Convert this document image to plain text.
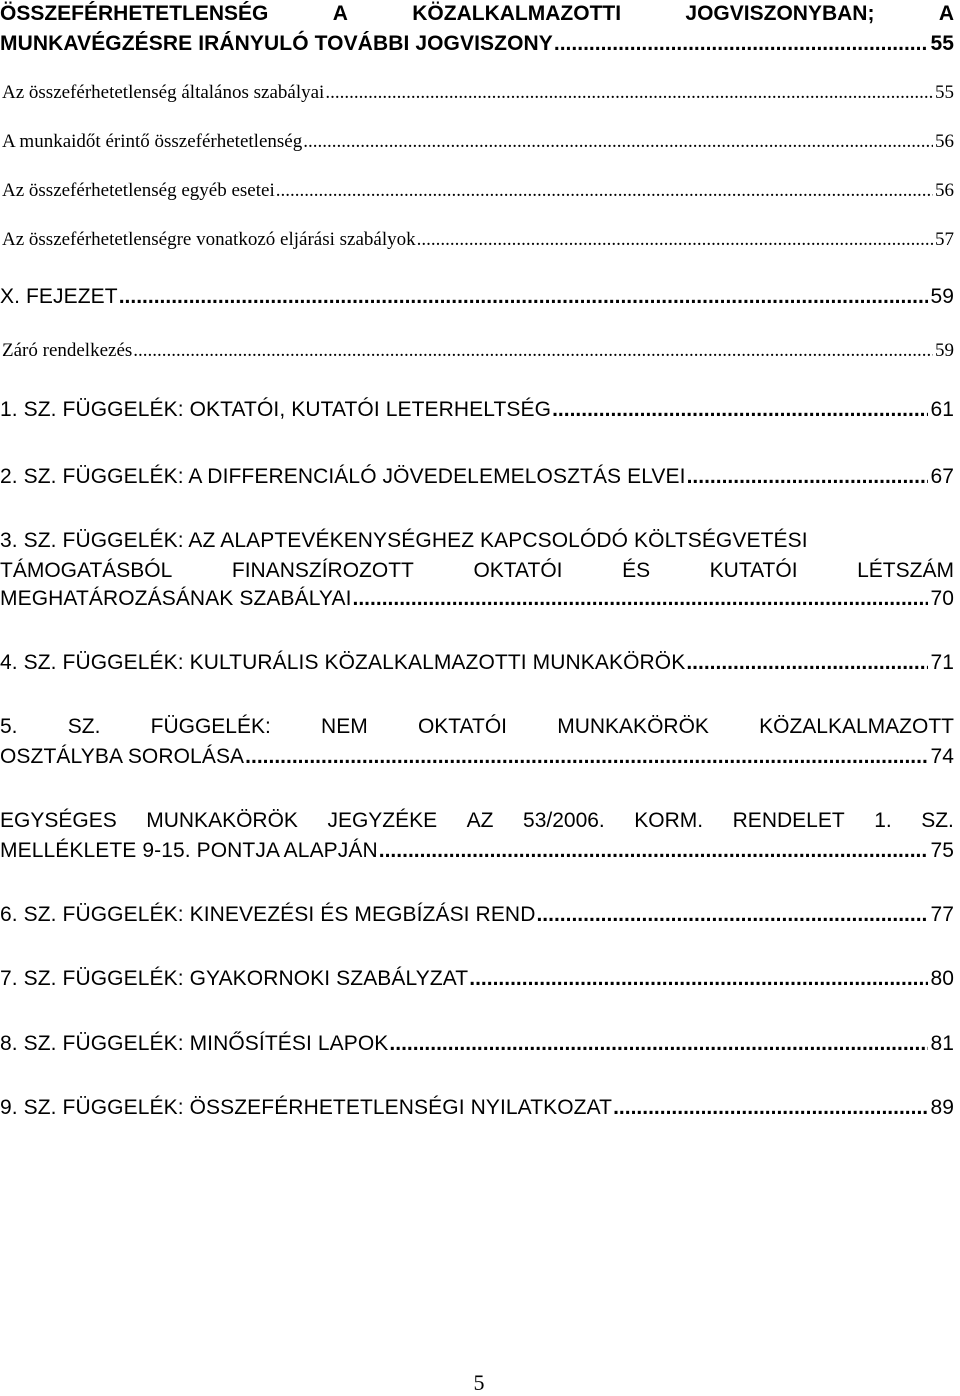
ÖSSZEFÉRHETETLENSÉG	A	KÖZALKALMAZOTTI	JOGVISZONYBAN;	A
MUNKAVÉGZÉSRE IRÁNYULÓ TOVÁBBI JOGVISZONY .....	55
Az összeférhetetlenség általános szabályai .....	55
A munkaidőt érintő összeférhetetlenség .....	56
Az összeférhetetlenség egyéb esetei .....	56
Az összeférhetetlenségre vonatkozó eljárási szabályok .....	57
X. FEJEZET .....	59
Záró rendelkezés .....	59
1. SZ. FÜGGELÉK: OKTATÓI, KUTATÓI LETERHELTSÉG .....	61
2. SZ. FÜGGELÉK: A DIFFERENCIÁLÓ JÖVEDELEMELOSZTÁS ELVEI .....	67
3. SZ. FÜGGELÉK: AZ ALAPTEVÉKENYSÉGHEZ KAPCSOLÓDÓ KÖLTSÉGVETÉSI
TÁMOGATÁSBÓL	FINANSZÍROZOTT	OKTATÓI	ÉS	KUTATÓI	LÉTSZÁM
MEGHATÁROZÁSÁNAK SZABÁLYAI .....	70
4. SZ. FÜGGELÉK: KULTURÁLIS KÖZALKALMAZOTTI MUNKAKÖRÖK .....	71
5. SZ. FÜGGELÉK: NEM OKTATÓI MUNKAKÖRÖK KÖZALKALMAZOTT
OSZTÁLYBA SOROLÁSA .....	74
EGYSÉGES MUNKAKÖRÖK JEGYZÉKE AZ 53/2006. KORM. RENDELET 1. SZ.
MELLÉKLETE 9-15. PONTJA ALAPJÁN .....	75
6. SZ. FÜGGELÉK: KINEVEZÉSI ÉS MEGBÍZÁSI REND .....	77
7. SZ. FÜGGELÉK: GYAKORNOKI SZABÁLYZAT .....	80
8. SZ. FÜGGELÉK: MINŐSÍTÉSI LAPOK .....	81
9. SZ. FÜGGELÉK: ÖSSZEFÉRHETETLENSÉGI NYILATKOZAT .....	89
5
